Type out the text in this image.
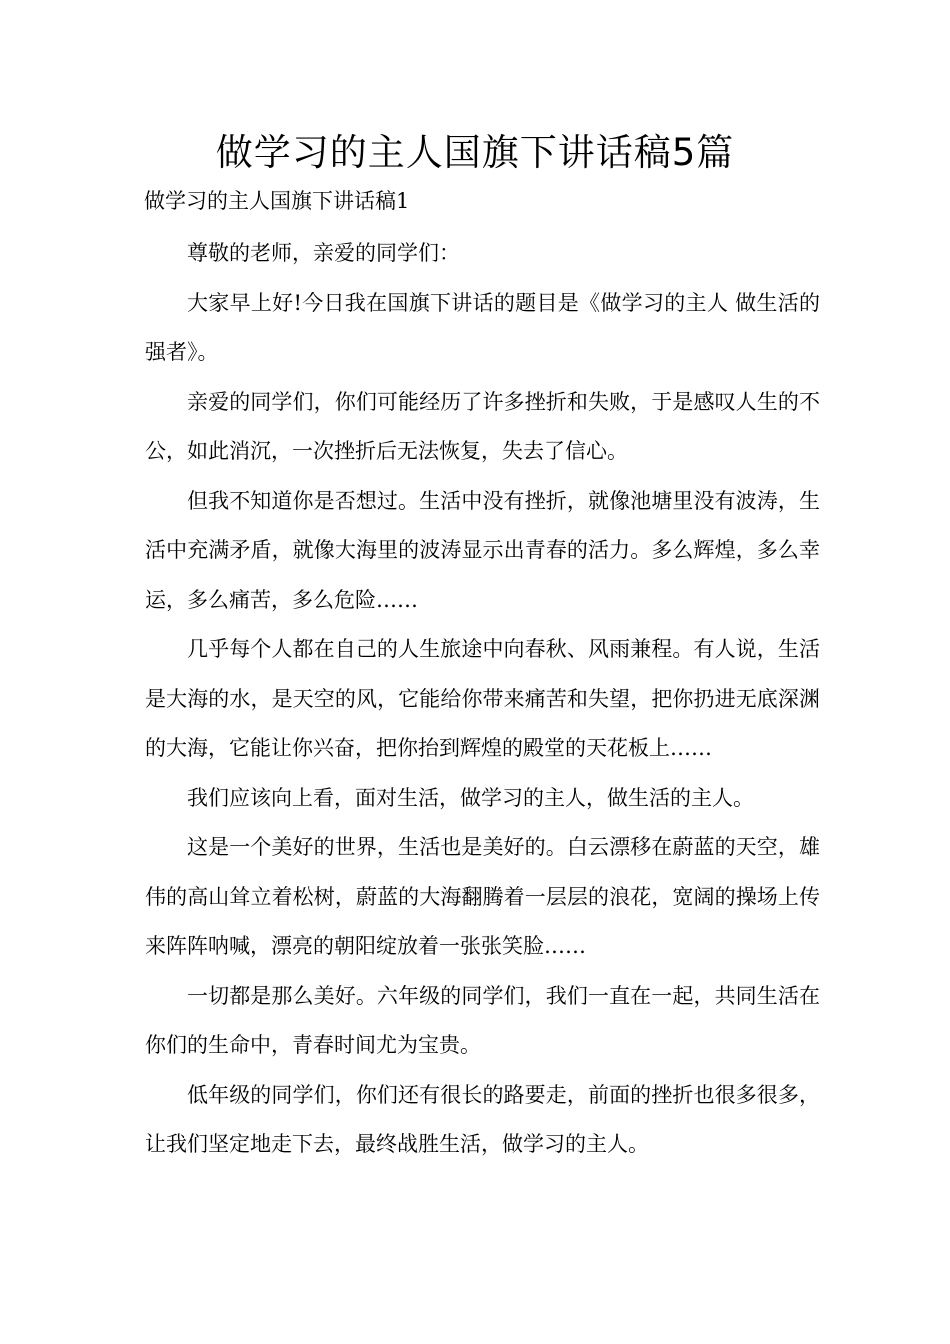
做学习的主人国旗下讲话稿5篇
做学习的主人国旗下讲话稿1

尊敬的老师，亲爱的同学们：

大家早上好!今日我在国旗下讲话的题目是《做学习的主人 做生活的强者》。

亲爱的同学们，你们可能经历了许多挫折和失败，于是感叹人生的不公，如此消沉，一次挫折后无法恢复，失去了信心。

但我不知道你是否想过。生活中没有挫折，就像池塘里没有波涛，生活中充满矛盾，就像大海里的波涛显示出青春的活力。多么辉煌，多么幸运，多么痛苦，多么危险……

几乎每个人都在自己的人生旅途中向春秋、风雨兼程。有人说，生活是大海的水，是天空的风，它能给你带来痛苦和失望，把你扔进无底深渊的大海，它能让你兴奋，把你抬到辉煌的殿堂的天花板上……

我们应该向上看，面对生活，做学习的主人，做生活的主人。

这是一个美好的世界，生活也是美好的。白云漂移在蔚蓝的天空，雄伟的高山耸立着松树，蔚蓝的大海翻腾着一层层的浪花，宽阔的操场上传来阵阵呐喊，漂亮的朝阳绽放着一张张笑脸……

一切都是那么美好。六年级的同学们，我们一直在一起，共同生活在你们的生命中，青春时间尤为宝贵。

低年级的同学们，你们还有很长的路要走，前面的挫折也很多很多，让我们坚定地走下去，最终战胜生活，做学习的主人。
